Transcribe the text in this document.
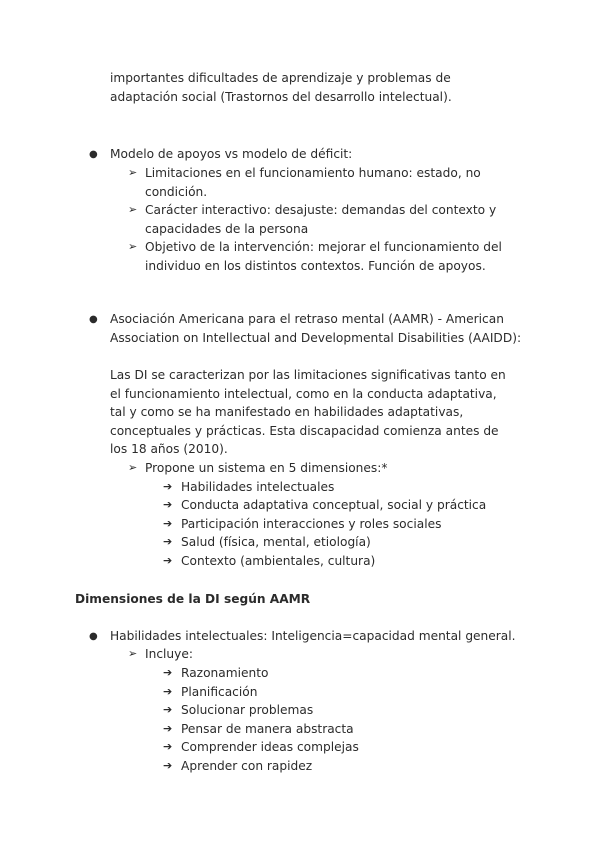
importantes dificultades de aprendizaje y problemas de

adaptación social (Trastornos del desarrollo intelectual).

● Modelo de apoyos vs modelo de déficit:

➢ Limitaciones en el funcionamiento humano: estado, no

condición.

➢ Carácter interactivo: desajuste: demandas del contexto y

capacidades de la persona

➢ Objetivo de la intervención: mejorar el funcionamiento del

individuo en los distintos contextos. Función de apoyos.

● Asociación Americana para el retraso mental (AAMR) - American

Association on Intellectual and Developmental Disabilities (AAIDD):

Las DI se caracterizan por las limitaciones significativas tanto en

el funcionamiento intelectual, como en la conducta adaptativa,

tal y como se ha manifestado en habilidades adaptativas,

conceptuales y prácticas. Esta discapacidad comienza antes de

los 18 años (2010).

➢ Propone un sistema en 5 dimensiones:*

➔ Habilidades intelectuales

➔ Conducta adaptativa conceptual, social y práctica

➔ Participación interacciones y roles sociales

➔ Salud (física, mental, etiología)

➔ Contexto (ambientales, cultura)

Dimensiones de la DI según AAMR

● Habilidades intelectuales: Inteligencia=capacidad mental general.

➢ Incluye:

➔ Razonamiento

➔ Planificación

➔ Solucionar problemas

➔ Pensar de manera abstracta

➔ Comprender ideas complejas

➔ Aprender con rapidez
